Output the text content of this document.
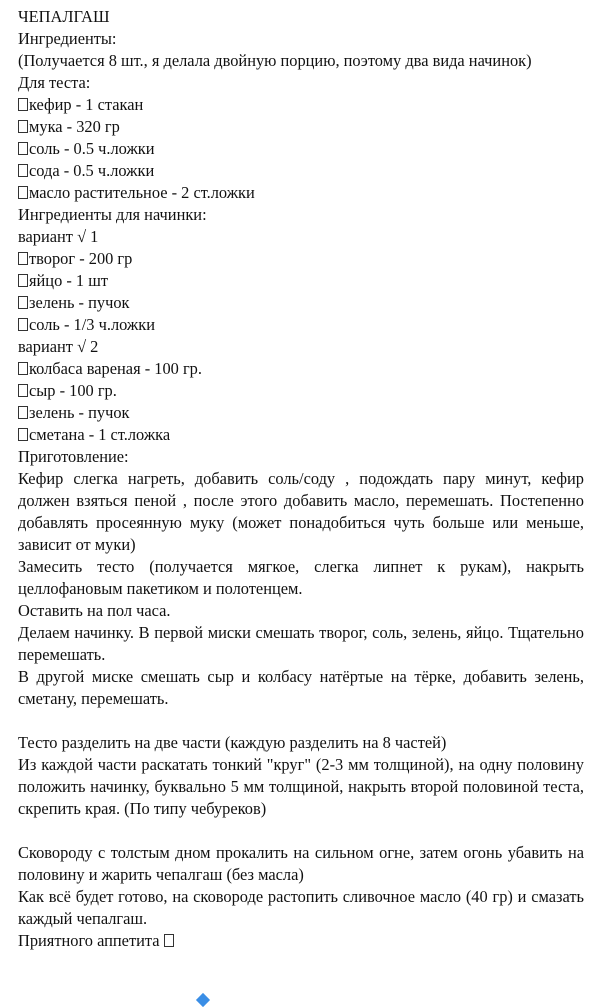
ЧЕПАЛГАШ
Ингредиенты:
(Получается 8 шт., я делала двойную порцию, поэтому два вида начинок)
Для теста:
кефир - 1 стакан
мука - 320 гр
соль - 0.5 ч.ложки
сода - 0.5 ч.ложки
масло растительное - 2 ст.ложки
Ингредиенты для начинки:
вариант √ 1
творог - 200 гр
яйцо - 1 шт
зелень - пучок
соль - 1/3 ч.ложки
вариант √ 2
колбаса вареная - 100 гр.
сыр - 100 гр.
зелень - пучок
сметана - 1 ст.ложка
Приготовление:
Кефир слегка нагреть, добавить соль/соду , подождать пару минут, кефир должен взяться пеной , после этого добавить масло, перемешать. Постепенно добавлять просеянную муку (может понадобиться чуть больше или меньше, зависит от муки)
Замесить тесто (получается мягкое, слегка липнет к рукам), накрыть целлофановым пакетиком и полотенцем.
Оставить на пол часа.
Делаем начинку. В первой миски смешать творог, соль, зелень, яйцо. Тщательно перемешать.
В другой миске смешать сыр и колбасу натёртые на тёрке, добавить зелень, сметану, перемешать.
Тесто разделить на две части (каждую разделить на 8 частей)
Из каждой части раскатать тонкий "круг" (2-3 мм толщиной), на одну половину положить начинку, буквально 5 мм толщиной, накрыть второй половиной теста, скрепить края. (По типу чебуреков)
Сковороду с толстым дном прокалить на сильном огне, затем огонь убавить на половину и жарить чепалгаш (без масла)
Как всё будет готово, на сковороде растопить сливочное масло (40 гр) и смазать каждый чепалгаш.
Приятного аппетита
